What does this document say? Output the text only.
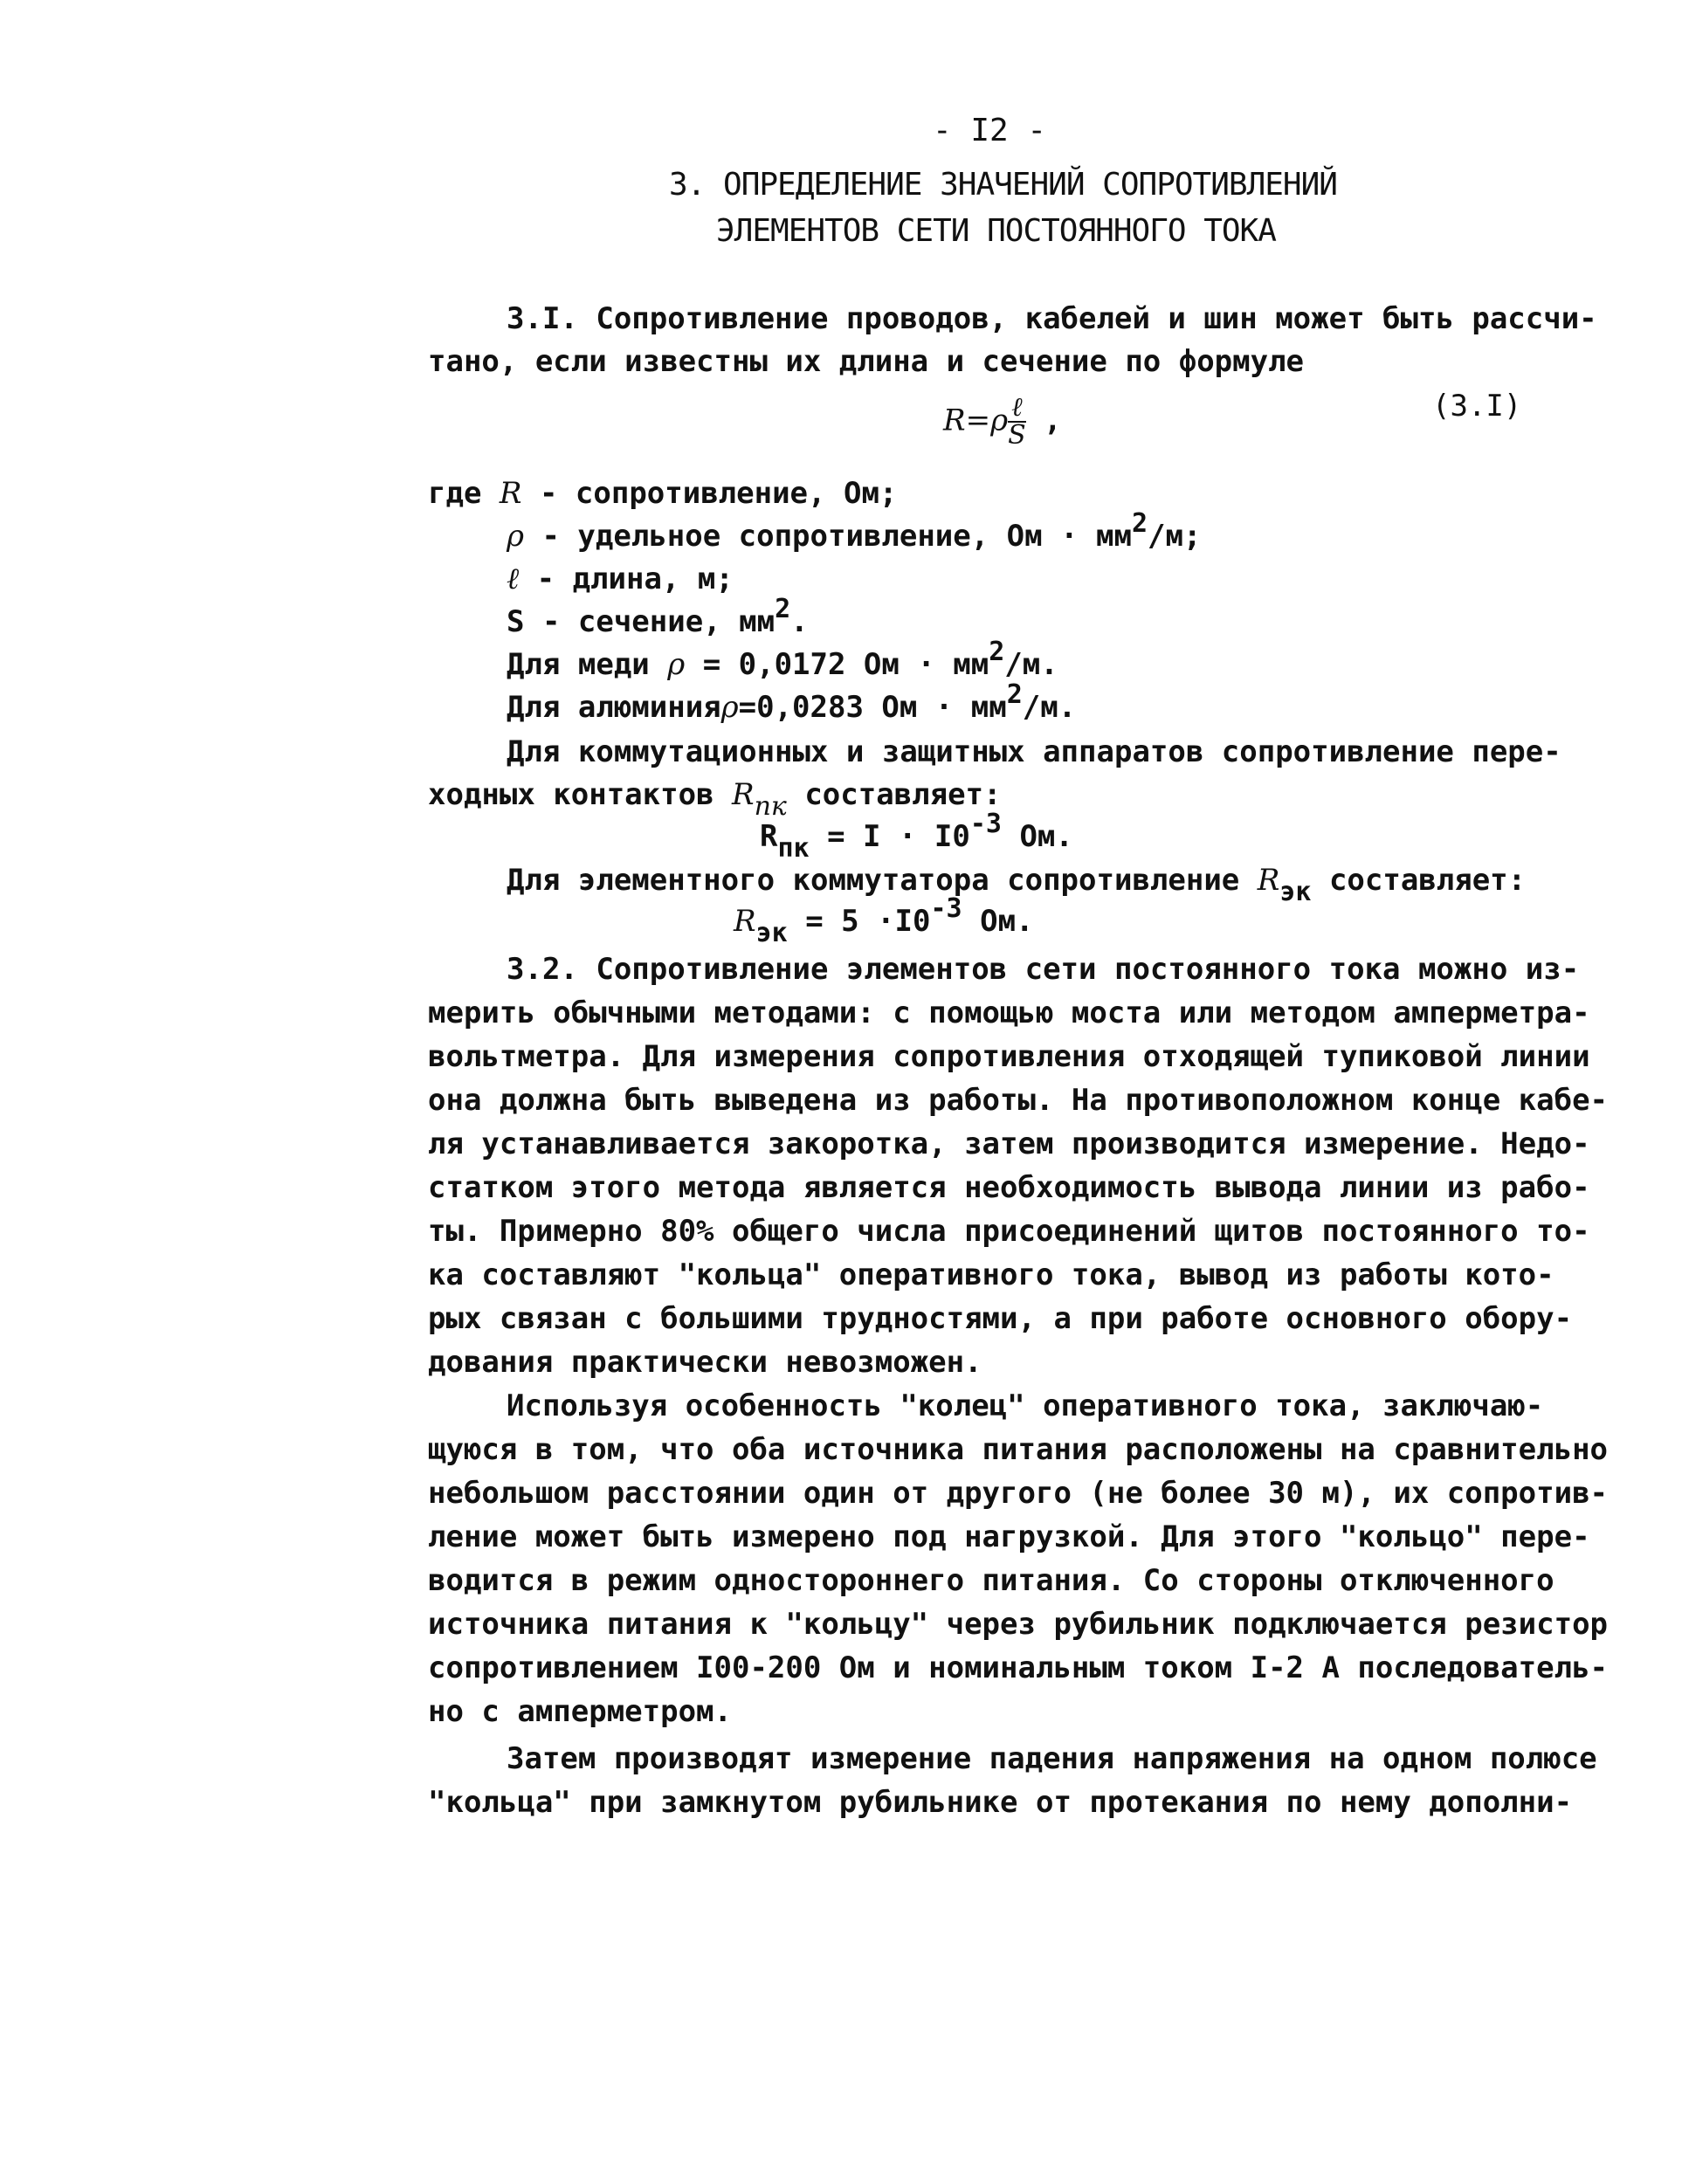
- I2 -
3. ОПРЕДЕЛЕНИЕ ЗНАЧЕНИЙ СОПРОТИВЛЕНИЙ
ЭЛЕМЕНТОВ СЕТИ ПОСТОЯННОГО ТОКА
3.I. Сопротивление проводов, кабелей и шин может быть рассчи-
тано, если известны их длина и сечение по формуле
$R=\rho \frac{\text{ℓ}}{S}$ ,	(3.I)
где R - сопротивление, Ом;
ρ - удельное сопротивление, Ом · мм2/м;
ℓ - длина, м;
S - сечение, мм2.
Для меди ρ = 0,0172 Ом · мм2/м.
Для алюминияρ=0,0283 Ом · мм2/м.
Для коммутационных и защитных аппаратов сопротивление пере-
ходных контактов Rпк составляет:
Rпк = I · I0-3 Ом.
Для элементного коммутатора сопротивление Rэк составляет:
Rэк = 5 ·I0-3 Ом.
3.2. Сопротивление элементов сети постоянного тока можно из-
мерить обычными методами: с помощью моста или методом амперметра-
вольтметра. Для измерения сопротивления отходящей тупиковой линии
она должна быть выведена из работы. На противоположном конце кабе-
ля устанавливается закоротка, затем производится измерение. Недо-
статком этого метода является необходимость вывода линии из рабо-
ты. Примерно 80% общего числа присоединений щитов постоянного то-
ка составляют "кольца" оперативного тока, вывод из работы кото-
рых связан с большими трудностями, а при работе основного обору-
дования практически невозможен.
Используя особенность "колец" оперативного тока, заключаю-
щуюся в том, что оба источника питания расположены на сравнительно
небольшом расстоянии один от другого (не более 30 м), их сопротив-
ление может быть измерено под нагрузкой. Для этого "кольцо" пере-
водится в режим одностороннего питания. Со стороны отключенного
источника питания к "кольцу" через рубильник подключается резистор
сопротивлением I00-200 Ом и номинальным током I-2 А последователь-
но с амперметром.
Затем производят измерение падения напряжения на одном полюсе
"кольца" при замкнутом рубильнике от протекания по нему дополни-
